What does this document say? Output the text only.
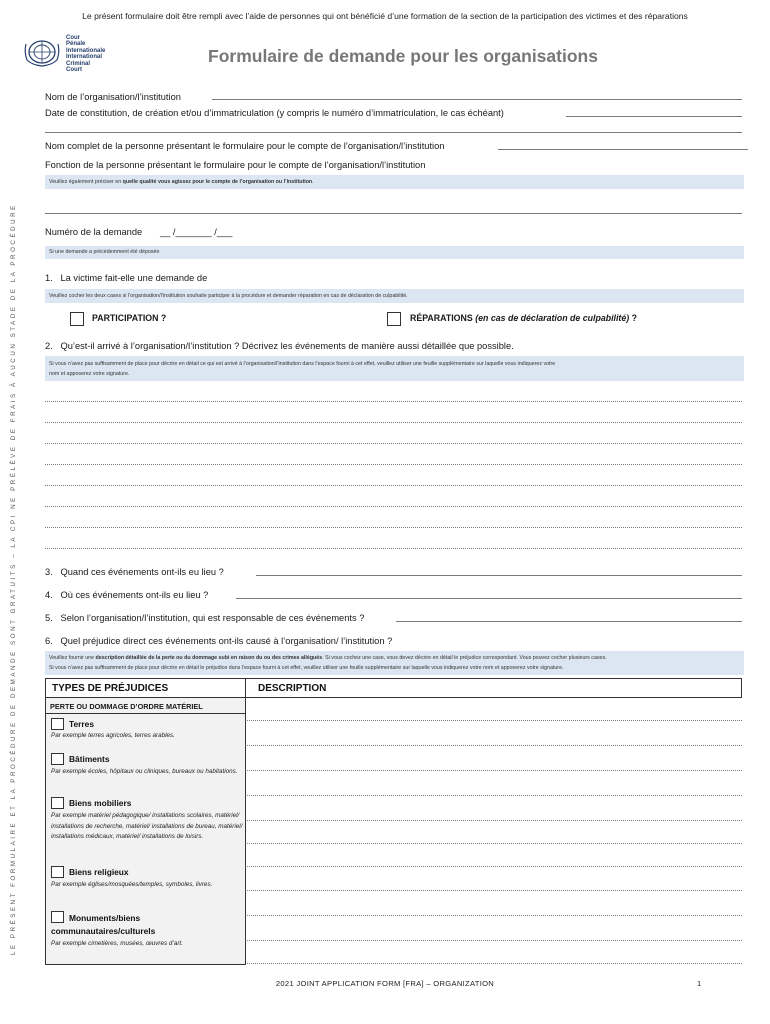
Le présent formulaire doit être rempli avec l’aide de personnes qui ont bénéficié d’une formation de la section de la participation des victimes et des réparations
LE PRÉSENT FORMULAIRE ET LA PROCÉDURE DE DEMANDE SONT GRATUITS – LA CPI NE PRÉLÈVE DE FRAIS À AUCUN STADE DE LA PROCÉDURE
Cour
Pénale
Internationale
International
Criminal
Court
Formulaire de demande pour les organisations
Nom de l’organisation/l’institution
Date de constitution, de création et/ou d’immatriculation (y compris le numéro d’immatriculation, le cas échéant)
Nom complet de la personne présentant le formulaire pour le compte de l’organisation/l’institution
Fonction de la personne présentant le formulaire pour le compte de l’organisation/l’institution
Veuillez également préciser en quelle qualité vous agissez pour le compte de l’organisation ou l’institution.
Numéro de la demande __ /_______ /___
Si une demande a précédemment été déposée
1.   La victime fait-elle une demande de
Veuillez cocher les deux cases si l’organisation/l’institution souhaite participer à la procédure et demander réparation en cas de déclaration de culpabilité.
PARTICIPATION ?	RÉPARATIONS (en cas de déclaration de culpabilité) ?
2.   Qu’est-il arrivé à l’organisation/l’institution ? Décrivez les événements de manière aussi détaillée que possible.
Si vous n’avez pas suffisamment de place pour décrire en détail ce qui est arrivé à l’organisation/l’institution dans l’espace fourni à cet effet, veuillez utiliser une feuille supplémentaire sur laquelle vous indiquerez votre
nom et apposerez votre signature.
3.   Quand ces événements ont-ils eu lieu ?
4.   Où ces événements ont-ils eu lieu ?
5.   Selon l’organisation/l’institution, qui est responsable de ces événements ?
6.   Quel préjudice direct ces événements ont-ils causé à l’organisation/ l’institution ?
Veuillez fournir une description détaillée de la perte ou du dommage subi en raison du ou des crimes allégués. Si vous cochez une case, vous devez décrire en détail le préjudice correspondant. Vous pouvez cocher plusieurs cases.
Si vous n’avez pas suffisamment de place pour décrire en détail le préjudice dans l’espace fourni à cet effet, veuillez utiliser une feuille supplémentaire sur laquelle vous indiquerez votre nom et apposerez votre signature.
TYPES DE PRÉJUDICES	DESCRIPTION
PERTE OU DOMMAGE D’ORDRE MATÉRIEL
Terres
Par exemple terres agricoles, terres arables.
Bâtiments
Par exemple écoles, hôpitaux ou cliniques, bureaux ou habitations.
Biens mobiliers
Par exemple matériel pédagogique/ installations scolaires, matériel/ installations de recherche, matériel/ installations de bureau, matériel/ installations médicaux, matériel/ installations de loisirs.
Biens religieux
Par exemple églises/mosquées/temples, symboles, livres.
Monuments/biens communautaires/culturels
Par exemple cimetières, musées, œuvres d’art.
2021 JOINT APPLICATION FORM [FRA] – ORGANIZATION	1
